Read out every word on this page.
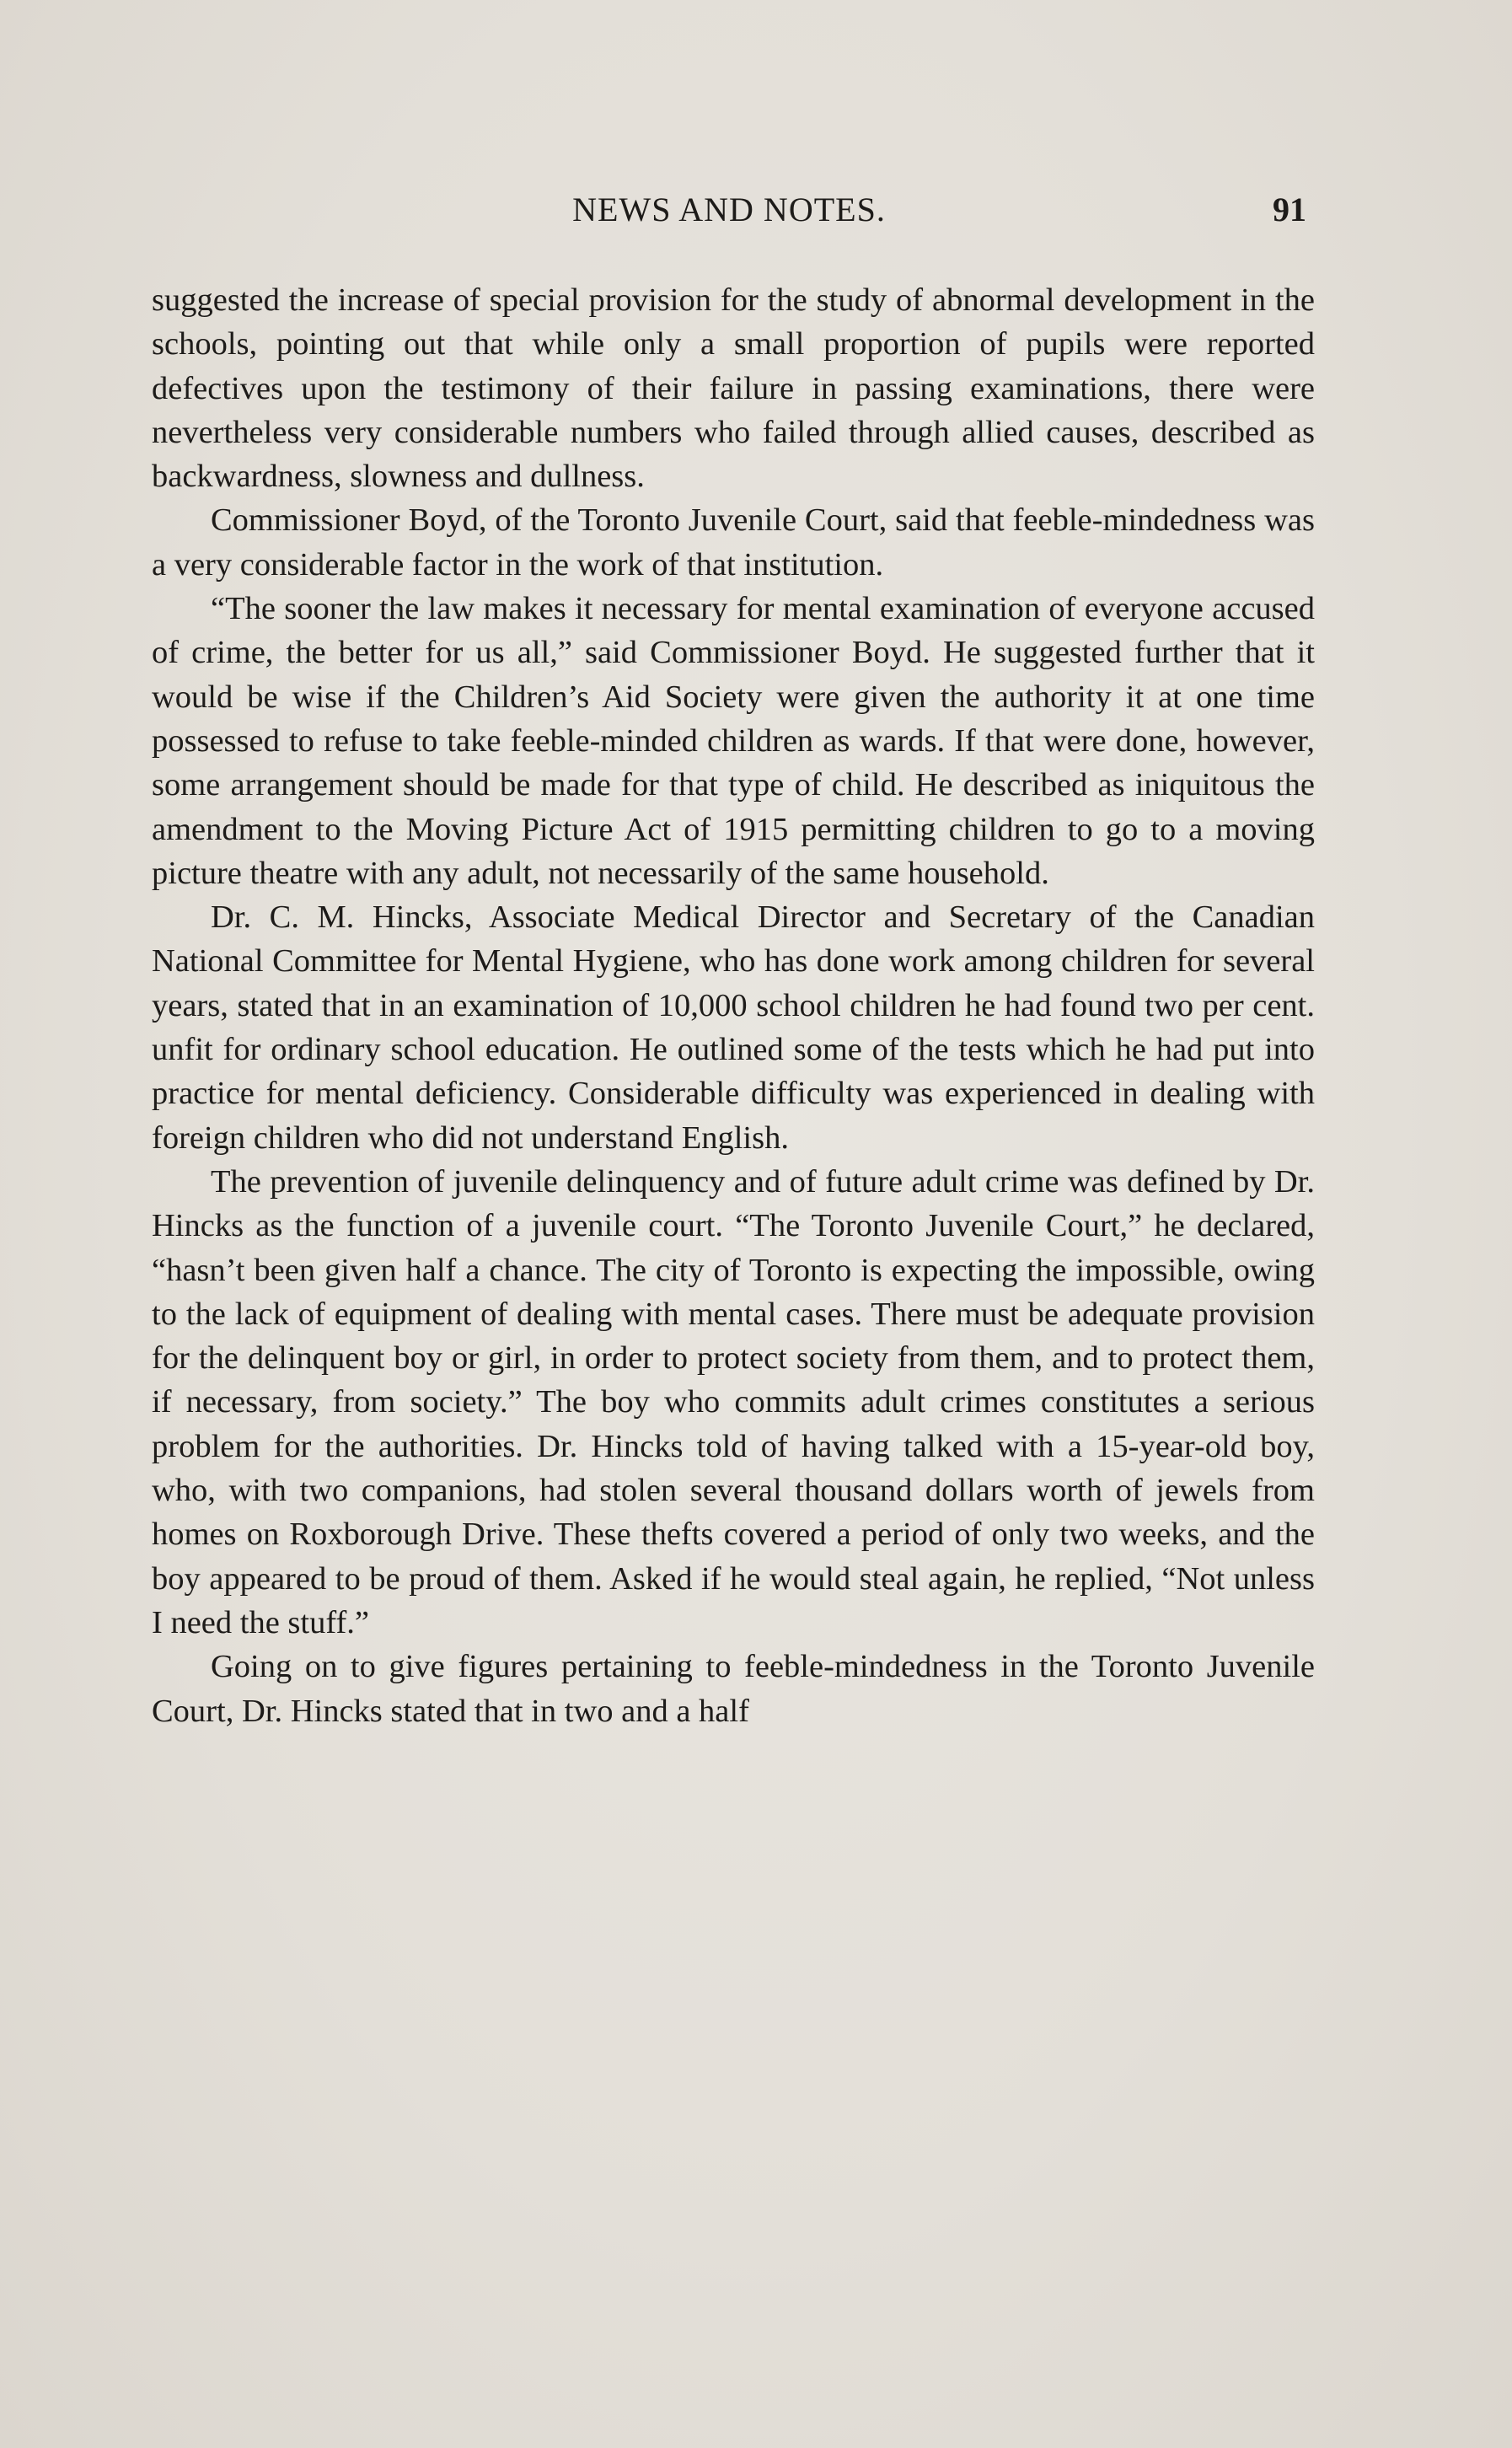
NEWS AND NOTES.	91

suggested the increase of special provision for the study of abnormal development in the schools, pointing out that while only a small proportion of pupils were reported defectives upon the testimony of their failure in passing examinations, there were nevertheless very considerable numbers who failed through allied causes, described as backwardness, slowness and dullness.

Commissioner Boyd, of the Toronto Juvenile Court, said that feeble-mindedness was a very considerable factor in the work of that institution.

“The sooner the law makes it necessary for mental examination of everyone accused of crime, the better for us all,” said Commissioner Boyd. He suggested further that it would be wise if the Children’s Aid Society were given the authority it at one time possessed to refuse to take feeble-minded children as wards. If that were done, however, some arrangement should be made for that type of child. He described as iniquitous the amendment to the Moving Picture Act of 1915 permitting children to go to a moving picture theatre with any adult, not necessarily of the same household.

Dr. C. M. Hincks, Associate Medical Director and Secretary of the Canadian National Committee for Mental Hygiene, who has done work among children for several years, stated that in an examination of 10,000 school children he had found two per cent. unfit for ordinary school education. He outlined some of the tests which he had put into practice for mental deficiency. Considerable difficulty was experienced in dealing with foreign children who did not understand English.

The prevention of juvenile delinquency and of future adult crime was defined by Dr. Hincks as the function of a juvenile court. “The Toronto Juvenile Court,” he declared, “hasn’t been given half a chance. The city of Toronto is expecting the impossible, owing to the lack of equipment of dealing with mental cases. There must be adequate provision for the delinquent boy or girl, in order to protect society from them, and to protect them, if necessary, from society.” The boy who commits adult crimes constitutes a serious problem for the authorities. Dr. Hincks told of having talked with a 15-year-old boy, who, with two companions, had stolen several thousand dollars worth of jewels from homes on Roxborough Drive. These thefts covered a period of only two weeks, and the boy appeared to be proud of them. Asked if he would steal again, he replied, “Not unless I need the stuff.”

Going on to give figures pertaining to feeble-mindedness in the Toronto Juvenile Court, Dr. Hincks stated that in two and a half
